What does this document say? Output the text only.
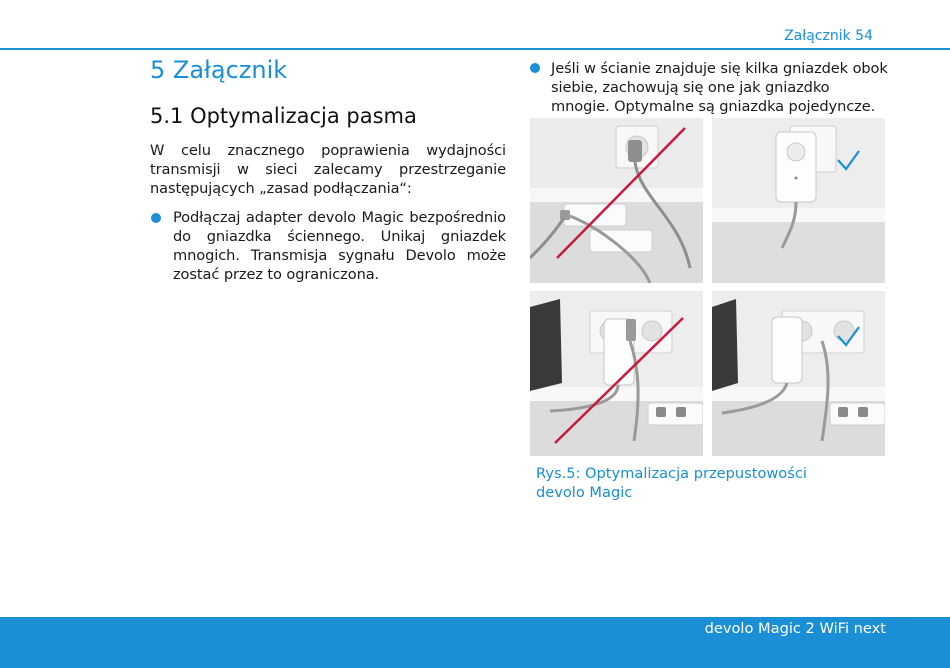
Załącznik 54
5 Załącznik
5.1 Optymalizacja pasma

W celu znacznego poprawienia wydajności transmisji w sieci zalecamy przestrzeganie następujących „zasad podłączania“:

Podłączaj adapter devolo Magic bezpośrednio do gniazdka ściennego. Unikaj gniazdek mnogich. Transmisja sygnału Devolo może zostać przez to ograniczona.

Jeśli w ścianie znajduje się kilka gniazdek obok siebie, zachowują się one jak gniazdko mnogie. Optymalne są gniazdka pojedyncze.

Rys.5: Optymalizacja przepustowości devolo Magic

devolo Magic 2 WiFi next
